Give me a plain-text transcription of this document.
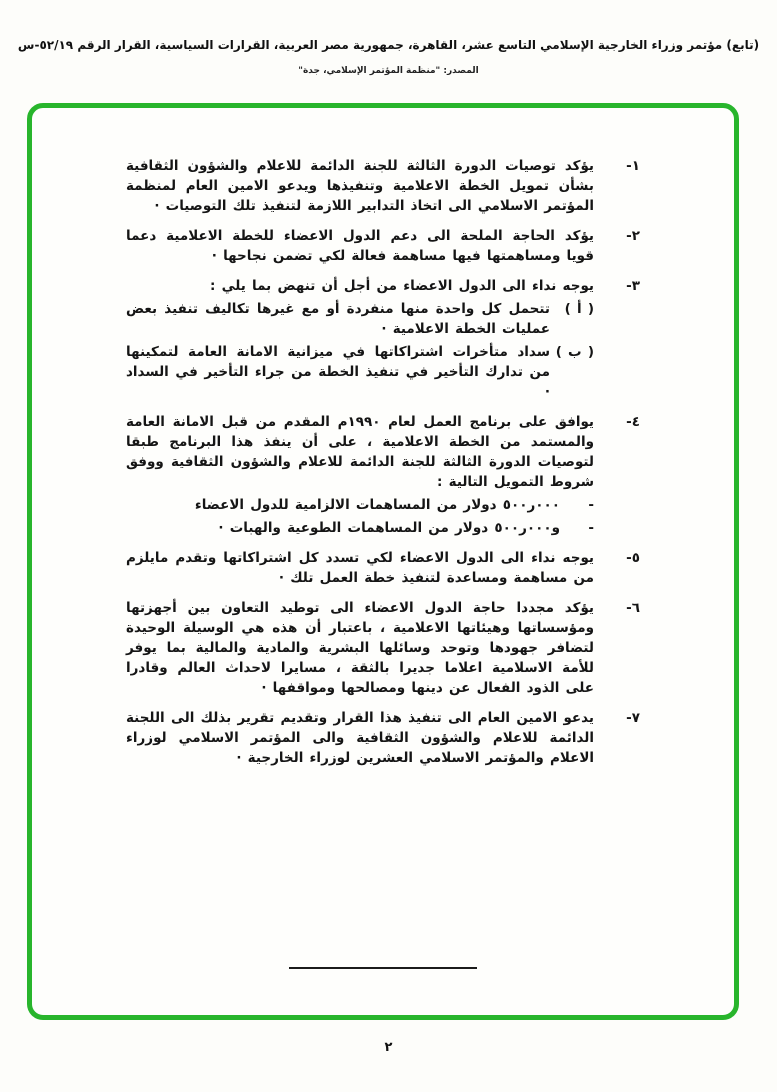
(تابع) مؤتمر وزراء الخارجية الإسلامي التاسع عشر، القاهرة، جمهورية مصر العربية، القرارات السياسية، القرار الرقم ٥٢/١٩-س
المصدر: "منظمة المؤتمر الإسلامي، جدة"
١-
يؤكد توصيات الدورة الثالثة للجنة الدائمة للاعلام والشؤون الثقافية بشأن تمويل الخطة الاعلامية وتنفيذها ويدعو الامين العام لمنظمة المؤتمر الاسلامي الى اتخاذ التدابير اللازمة لتنفيذ تلك التوصيات ·
٢-
يؤكد الحاجة الملحة الى دعم الدول الاعضاء للخطة الاعلامية دعما قويا ومساهمتها فيها مساهمة فعالة لكي تضمن نجاحها ·
٣-
يوجه نداء الى الدول الاعضاء من أجل أن تنهض بما يلي :
( أ )
تتحمل كل واحدة منها منفردة أو مع غيرها تكاليف تنفيذ بعض عمليات الخطة الاعلامية ·
( ب )
سداد متأخرات اشتراكاتها في ميزانية الامانة العامة لتمكينها من تدارك التأخير في تنفيذ الخطة من جراء التأخير في السداد ·
٤-
يوافق على برنامج العمل لعام ١٩٩٠م المقدم من قبل الامانة العامة والمستمد من الخطة الاعلامية ، على أن ينفذ هذا البرنامج طبقا لتوصيات الدورة الثالثة للجنة الدائمة للاعلام والشؤون الثقافية ووفق شروط التمويل التالية :
-
٥٠٠ر٠٠٠ دولار من المساهمات الالزامية للدول الاعضاء
-
و٥٠٠ر٠٠٠ دولار من المساهمات الطوعية والهبات ·
٥-
يوجه نداء الى الدول الاعضاء لكي تسدد كل اشتراكاتها وتقدم مايلزم من مساهمة ومساعدة لتنفيذ خطة العمل تلك ·
٦-
يؤكد مجددا حاجة الدول الاعضاء الى توطيد التعاون بين أجهزتها ومؤسساتها وهيئاتها الاعلامية ، باعتبار أن هذه هي الوسيلة الوحيدة لتضافر جهودها وتوحد وسائلها البشرية والمادية والمالية بما يوفر للأمة الاسلامية اعلاما جديرا بالثقة ، مسايرا لاحداث العالم وقادرا على الذود الفعال عن دينها ومصالحها ومواقفها ·
٧-
يدعو الامين العام الى تنفيذ هذا القرار وتقديم تقرير بذلك الى اللجنة الدائمة للاعلام والشؤون الثقافية والى المؤتمر الاسلامي لوزراء الاعلام والمؤتمر الاسلامي العشرين لوزراء الخارجية ·
٢
